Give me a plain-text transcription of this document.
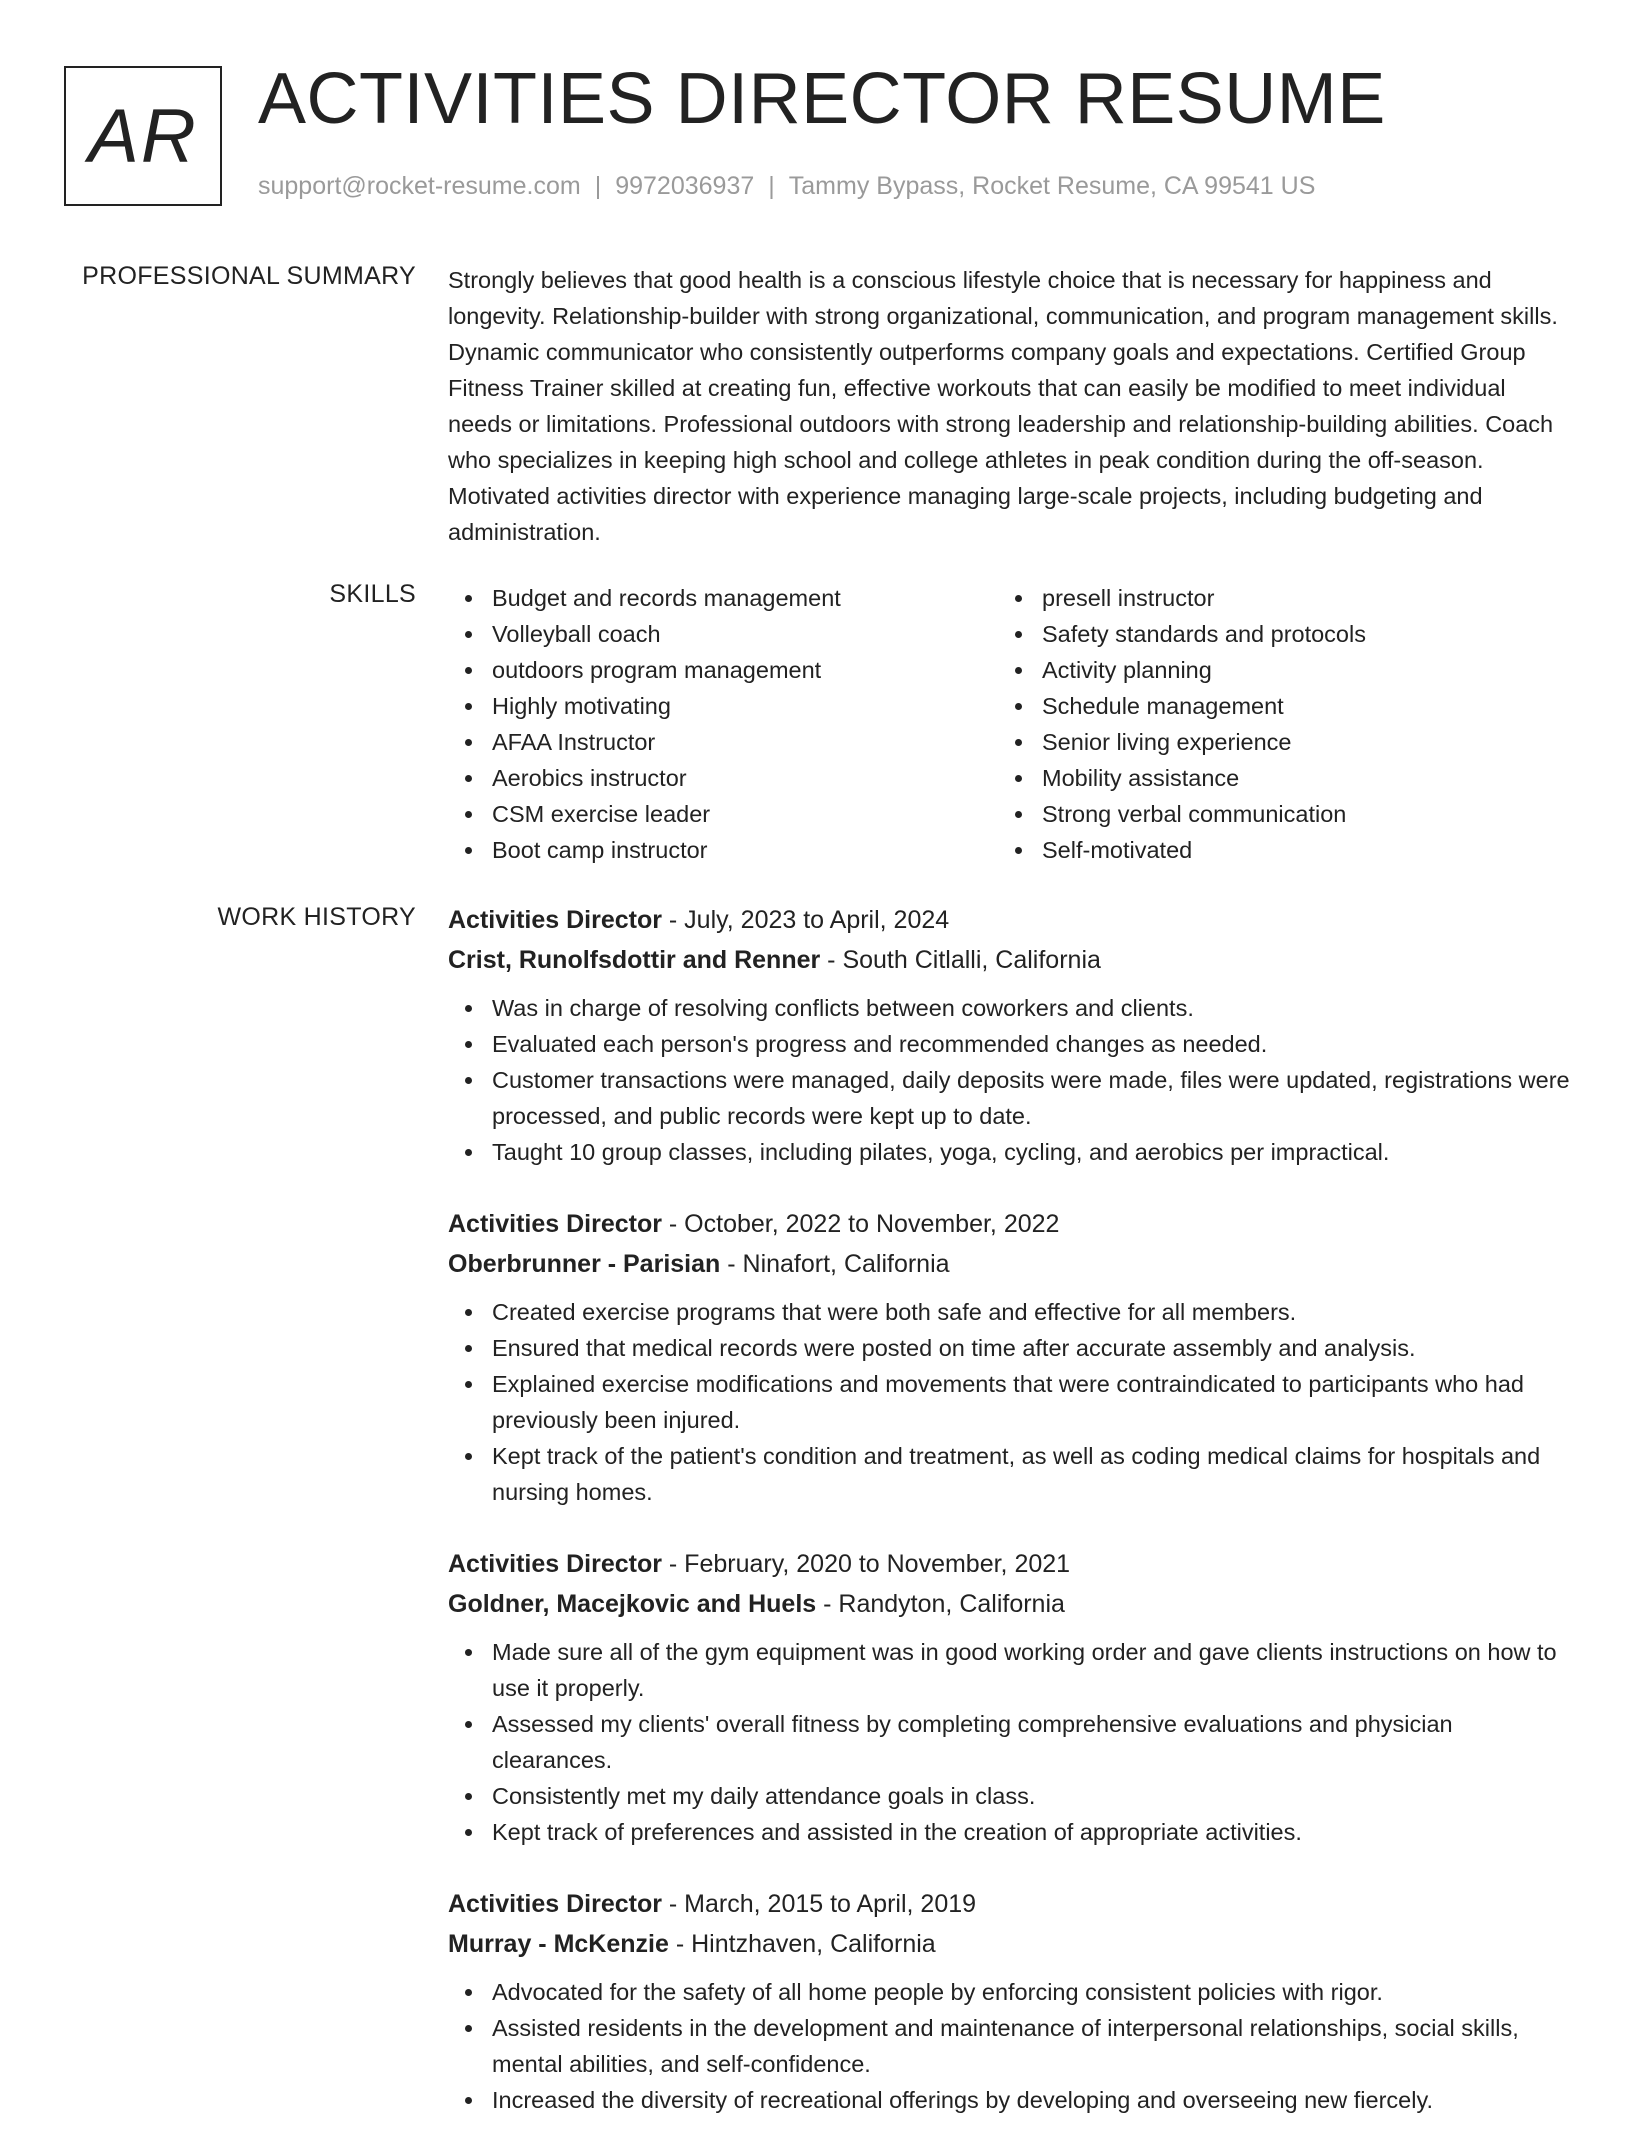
AR ACTIVITIES DIRECTOR RESUME
support@rocket-resume.com | 9972036937 | Tammy Bypass, Rocket Resume, CA 99541 US
PROFESSIONAL SUMMARY Strongly believes that good health is a conscious lifestyle choice that is necessary for happiness and longevity. Relationship-builder with strong organizational, communication, and program management skills. Dynamic communicator who consistently outperforms company goals and expectations. Certified Group Fitness Trainer skilled at creating fun, effective workouts that can easily be modified to meet individual needs or limitations. Professional outdoors with strong leadership and relationship-building abilities. Coach who specializes in keeping high school and college athletes in peak condition during the off-season. Motivated activities director with experience managing large-scale projects, including budgeting and administration.

SKILLS	Budget and records management
Volleyball coach
outdoors program management
Highly motivating
AFAA Instructor
Aerobics instructor
CSM exercise leader
Boot camp instructor
presell instructor
Safety standards and protocols
Activity planning
Schedule management
Senior living experience
Mobility assistance
Strong verbal communication
Self-motivated
WORK HISTORY Activities Director - July, 2023 to April, 2024
Crist, Runolfsdottir and Renner - South Citlalli, California
Was in charge of resolving conflicts between coworkers and clients.
Evaluated each person's progress and recommended changes as needed.
Customer transactions were managed, daily deposits were made, files were updated, registrations were processed, and public records were kept up to date.
Taught 10 group classes, including pilates, yoga, cycling, and aerobics per impractical.
Activities Director - October, 2022 to November, 2022
Oberbrunner - Parisian - Ninafort, California
Created exercise programs that were both safe and effective for all members.
Ensured that medical records were posted on time after accurate assembly and analysis.
Explained exercise modifications and movements that were contraindicated to participants who had previously been injured.
Kept track of the patient's condition and treatment, as well as coding medical claims for hospitals and nursing homes.
Activities Director - February, 2020 to November, 2021
Goldner, Macejkovic and Huels - Randyton, California
Made sure all of the gym equipment was in good working order and gave clients instructions on how to use it properly.
Assessed my clients' overall fitness by completing comprehensive evaluations and physician clearances.
Consistently met my daily attendance goals in class.
Kept track of preferences and assisted in the creation of appropriate activities.
Activities Director - March, 2015 to April, 2019
Murray - McKenzie - Hintzhaven, California
Advocated for the safety of all home people by enforcing consistent policies with rigor.
Assisted residents in the development and maintenance of interpersonal relationships, social skills, mental abilities, and self-confidence.
Increased the diversity of recreational offerings by developing and overseeing new fiercely.
